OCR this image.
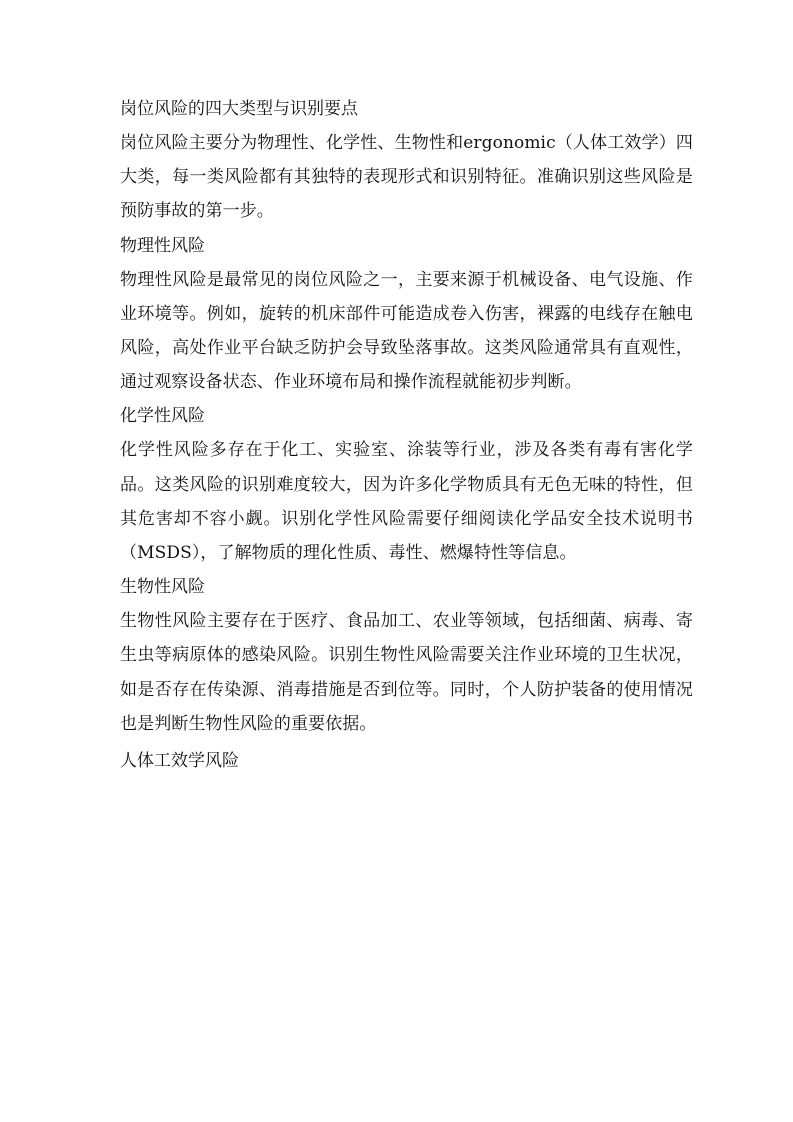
岗位风险的四大类型与识别要点

岗位风险主要分为物理性、化学性、生物性和ergonomic（人体工效学）四大类，每一类风险都有其独特的表现形式和识别特征。准确识别这些风险是预防事故的第一步。

物理性风险

物理性风险是最常见的岗位风险之一，主要来源于机械设备、电气设施、作业环境等。例如，旋转的机床部件可能造成卷入伤害，裸露的电线存在触电风险，高处作业平台缺乏防护会导致坠落事故。这类风险通常具有直观性，通过观察设备状态、作业环境布局和操作流程就能初步判断。

化学性风险

化学性风险多存在于化工、实验室、涂装等行业，涉及各类有毒有害化学品。这类风险的识别难度较大，因为许多化学物质具有无色无味的特性，但其危害却不容小觑。识别化学性风险需要仔细阅读化学品安全技术说明书（MSDS），了解物质的理化性质、毒性、燃爆特性等信息。

生物性风险

生物性风险主要存在于医疗、食品加工、农业等领域，包括细菌、病毒、寄生虫等病原体的感染风险。识别生物性风险需要关注作业环境的卫生状况，如是否存在传染源、消毒措施是否到位等。同时，个人防护装备的使用情况也是判断生物性风险的重要依据。

人体工效学风险
